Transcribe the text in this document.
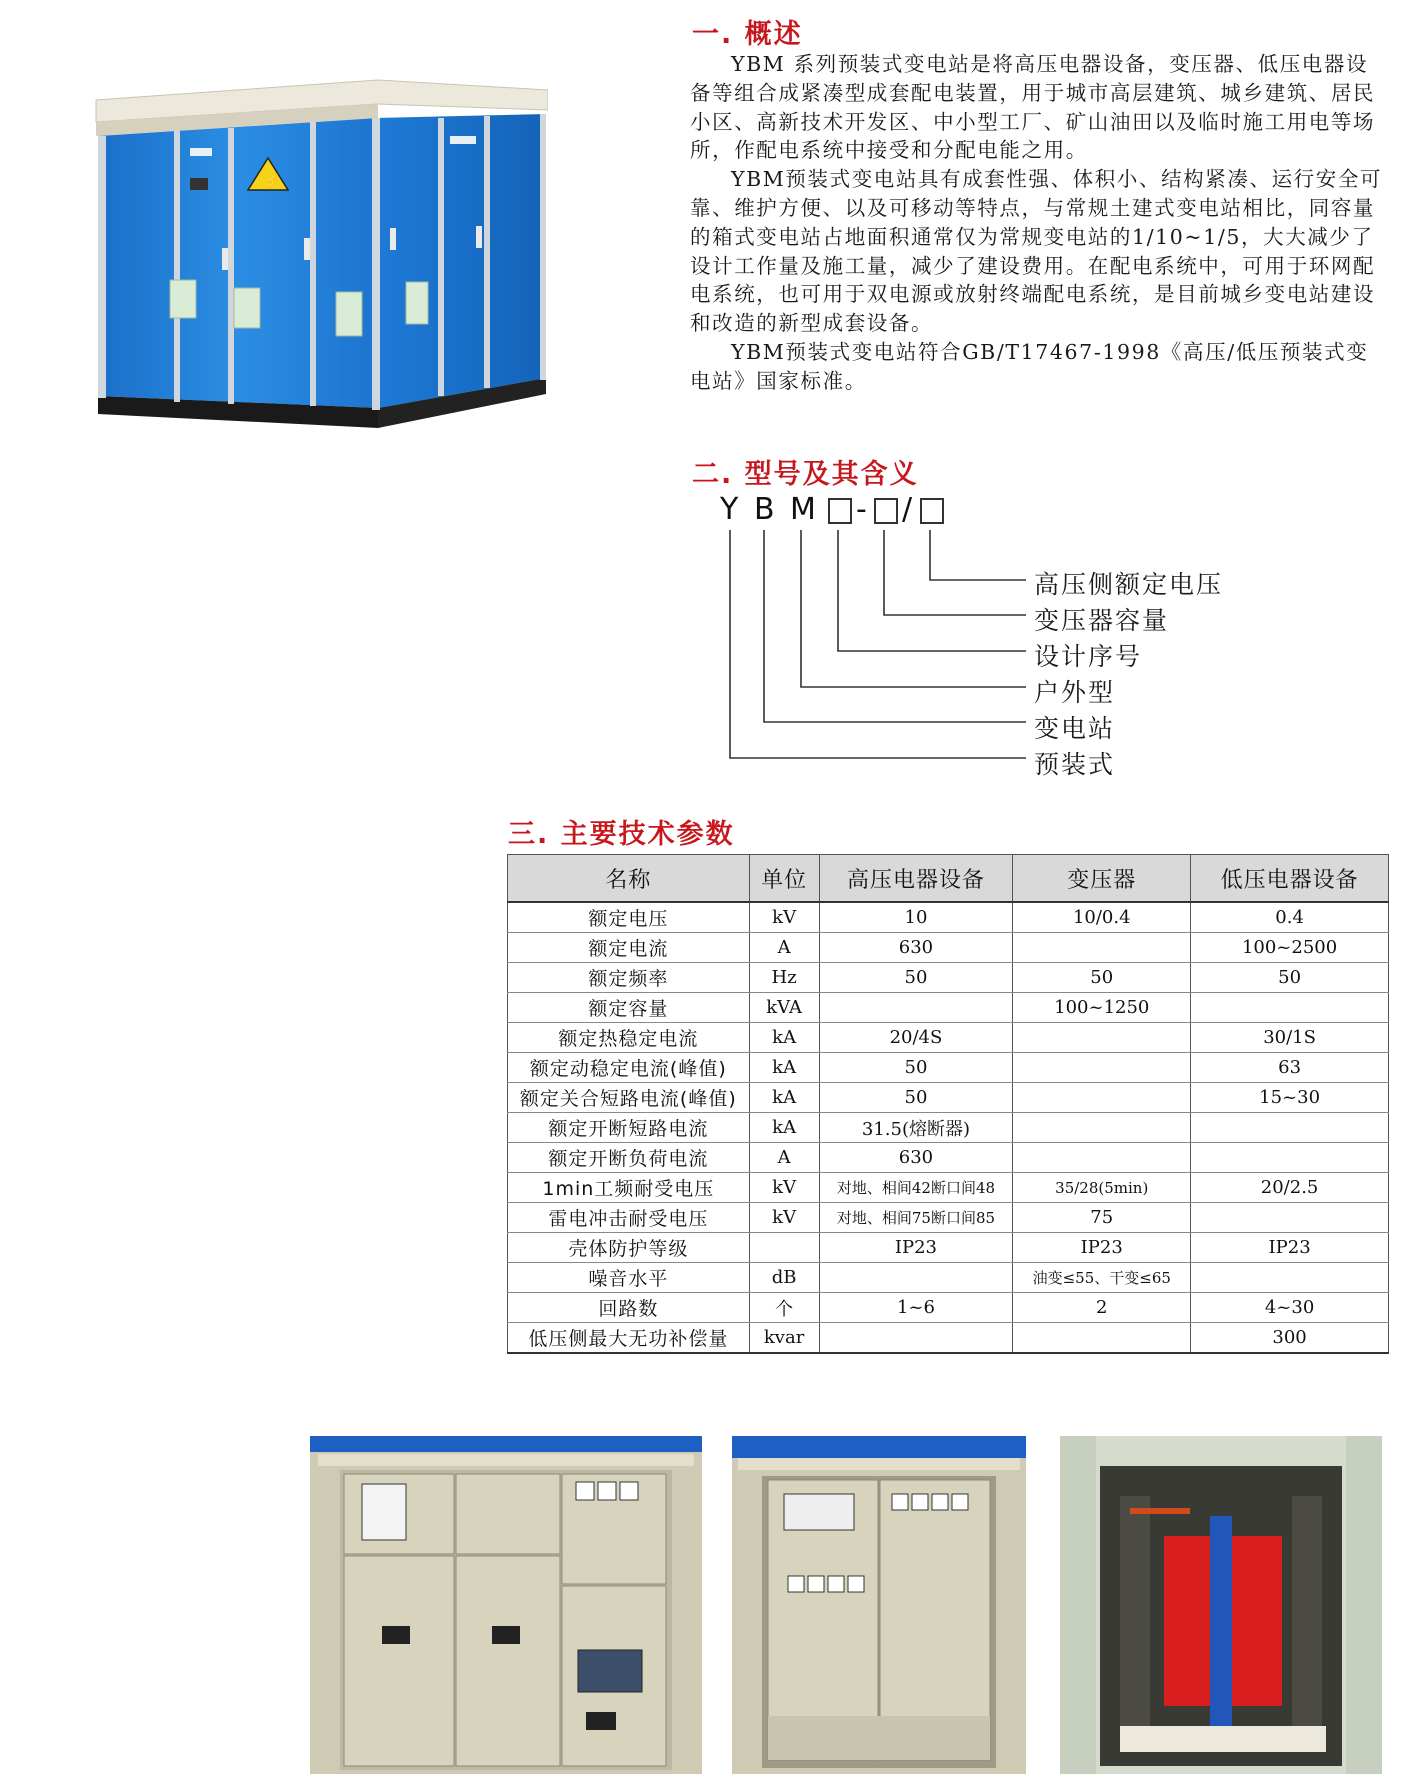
⚡
一. 概述

YBM 系列预装式变电站是将高压电器设备，变压器、低压电器设备等组合成紧凑型成套配电装置，用于城市高层建筑、城乡建筑、居民小区、高新技术开发区、中小型工厂、矿山油田以及临时施工用电等场所，作配电系统中接受和分配电能之用。

YBM预装式变电站具有成套性强、体积小、结构紧凑、运行安全可靠、维护方便、以及可移动等特点，与常规土建式变电站相比，同容量的箱式变电站占地面积通常仅为常规变电站的1/10~1/5，大大减少了设计工作量及施工量，减少了建设费用。在配电系统中，可用于环网配电系统，也可用于双电源或放射终端配电系统，是目前城乡变电站建设和改造的新型成套设备。

YBM预装式变电站符合GB/T17467-1998《高压/低压预装式变电站》国家标准。

二. 型号及其含义
Y B M - /
高压侧额定电压
变压器容量
设计序号
户外型
变电站
预装式
三. 主要技术参数
名称	单位	高压电器设备	变压器	低压电器设备
额定电压	kV	10	10/0.4	0.4
额定电流	A	630		100~2500
额定频率	Hz	50	50	50
额定容量	kVA		100~1250	
额定热稳定电流	kA	20/4S		30/1S
额定动稳定电流(峰值)	kA	50		63
额定关合短路电流(峰值)	kA	50		15~30
额定开断短路电流	kA	31.5(熔断器)		
额定开断负荷电流	A	630		
1min工频耐受电压	kV	对地、相间42断口间48	35/28(5min)	20/2.5
雷电冲击耐受电压	kV	对地、相间75断口间85	75	
壳体防护等级		IP23	IP23	IP23
噪音水平	dB		油变≤55、干变≤65	
回路数	个	1~6	2	4~30
低压侧最大无功补偿量	kvar			300
